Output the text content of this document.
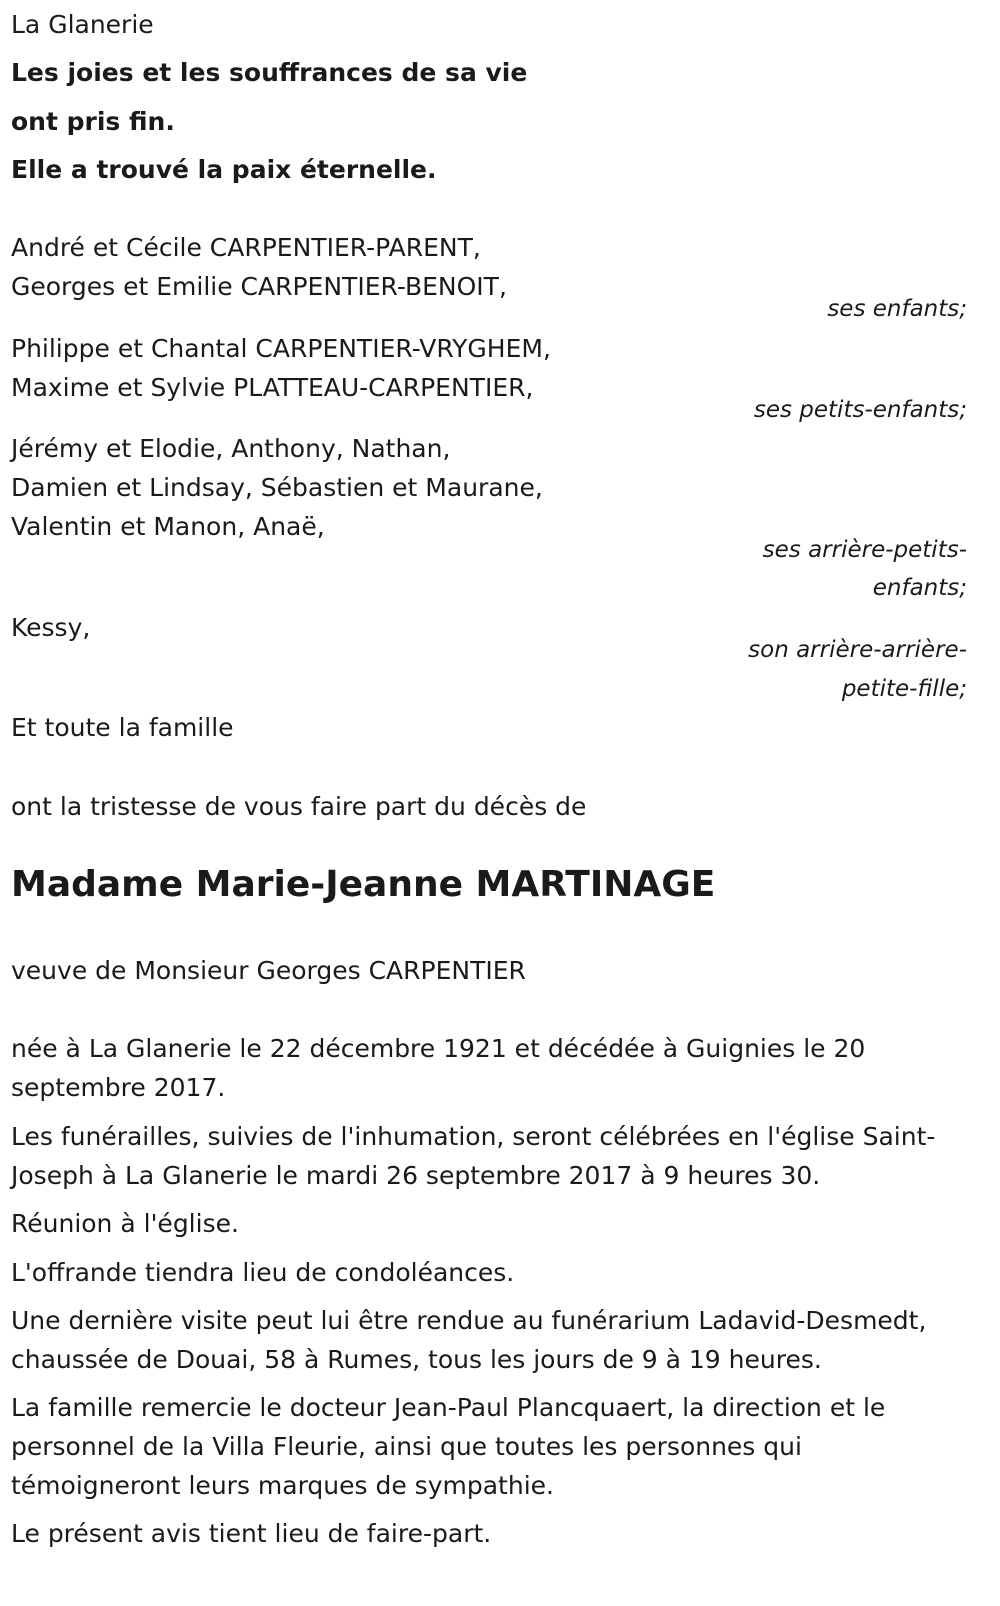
La Glanerie
Les joies et les souffrances de sa vie
ont pris fin.
Elle a trouvé la paix éternelle.
André et Cécile CARPENTIER-PARENT,
Georges et Emilie CARPENTIER-BENOIT,
ses enfants;
Philippe et Chantal CARPENTIER-VRYGHEM,
Maxime et Sylvie PLATTEAU-CARPENTIER,
ses petits-enfants;
Jérémy et Elodie, Anthony, Nathan,
Damien et Lindsay, Sébastien et Maurane,
Valentin et Manon, Anaë,
ses arrière-petits-
enfants;
Kessy,
son arrière-arrière-
petite-fille;
Et toute la famille
ont la tristesse de vous faire part du décès de
Madame Marie-Jeanne MARTINAGE
veuve de Monsieur Georges CARPENTIER
née à La Glanerie le 22 décembre 1921 et décédée à Guignies le 20
septembre 2017.
Les funérailles, suivies de l'inhumation, seront célébrées en l'église Saint-
Joseph à La Glanerie le mardi 26 septembre 2017 à 9 heures 30.
Réunion à l'église.
L'offrande tiendra lieu de condoléances.
Une dernière visite peut lui être rendue au funérarium Ladavid-Desmedt,
chaussée de Douai, 58 à Rumes, tous les jours de 9 à 19 heures.
La famille remercie le docteur Jean-Paul Plancquaert, la direction et le
personnel de la Villa Fleurie, ainsi que toutes les personnes qui
témoigneront leurs marques de sympathie.
Le présent avis tient lieu de faire-part.
